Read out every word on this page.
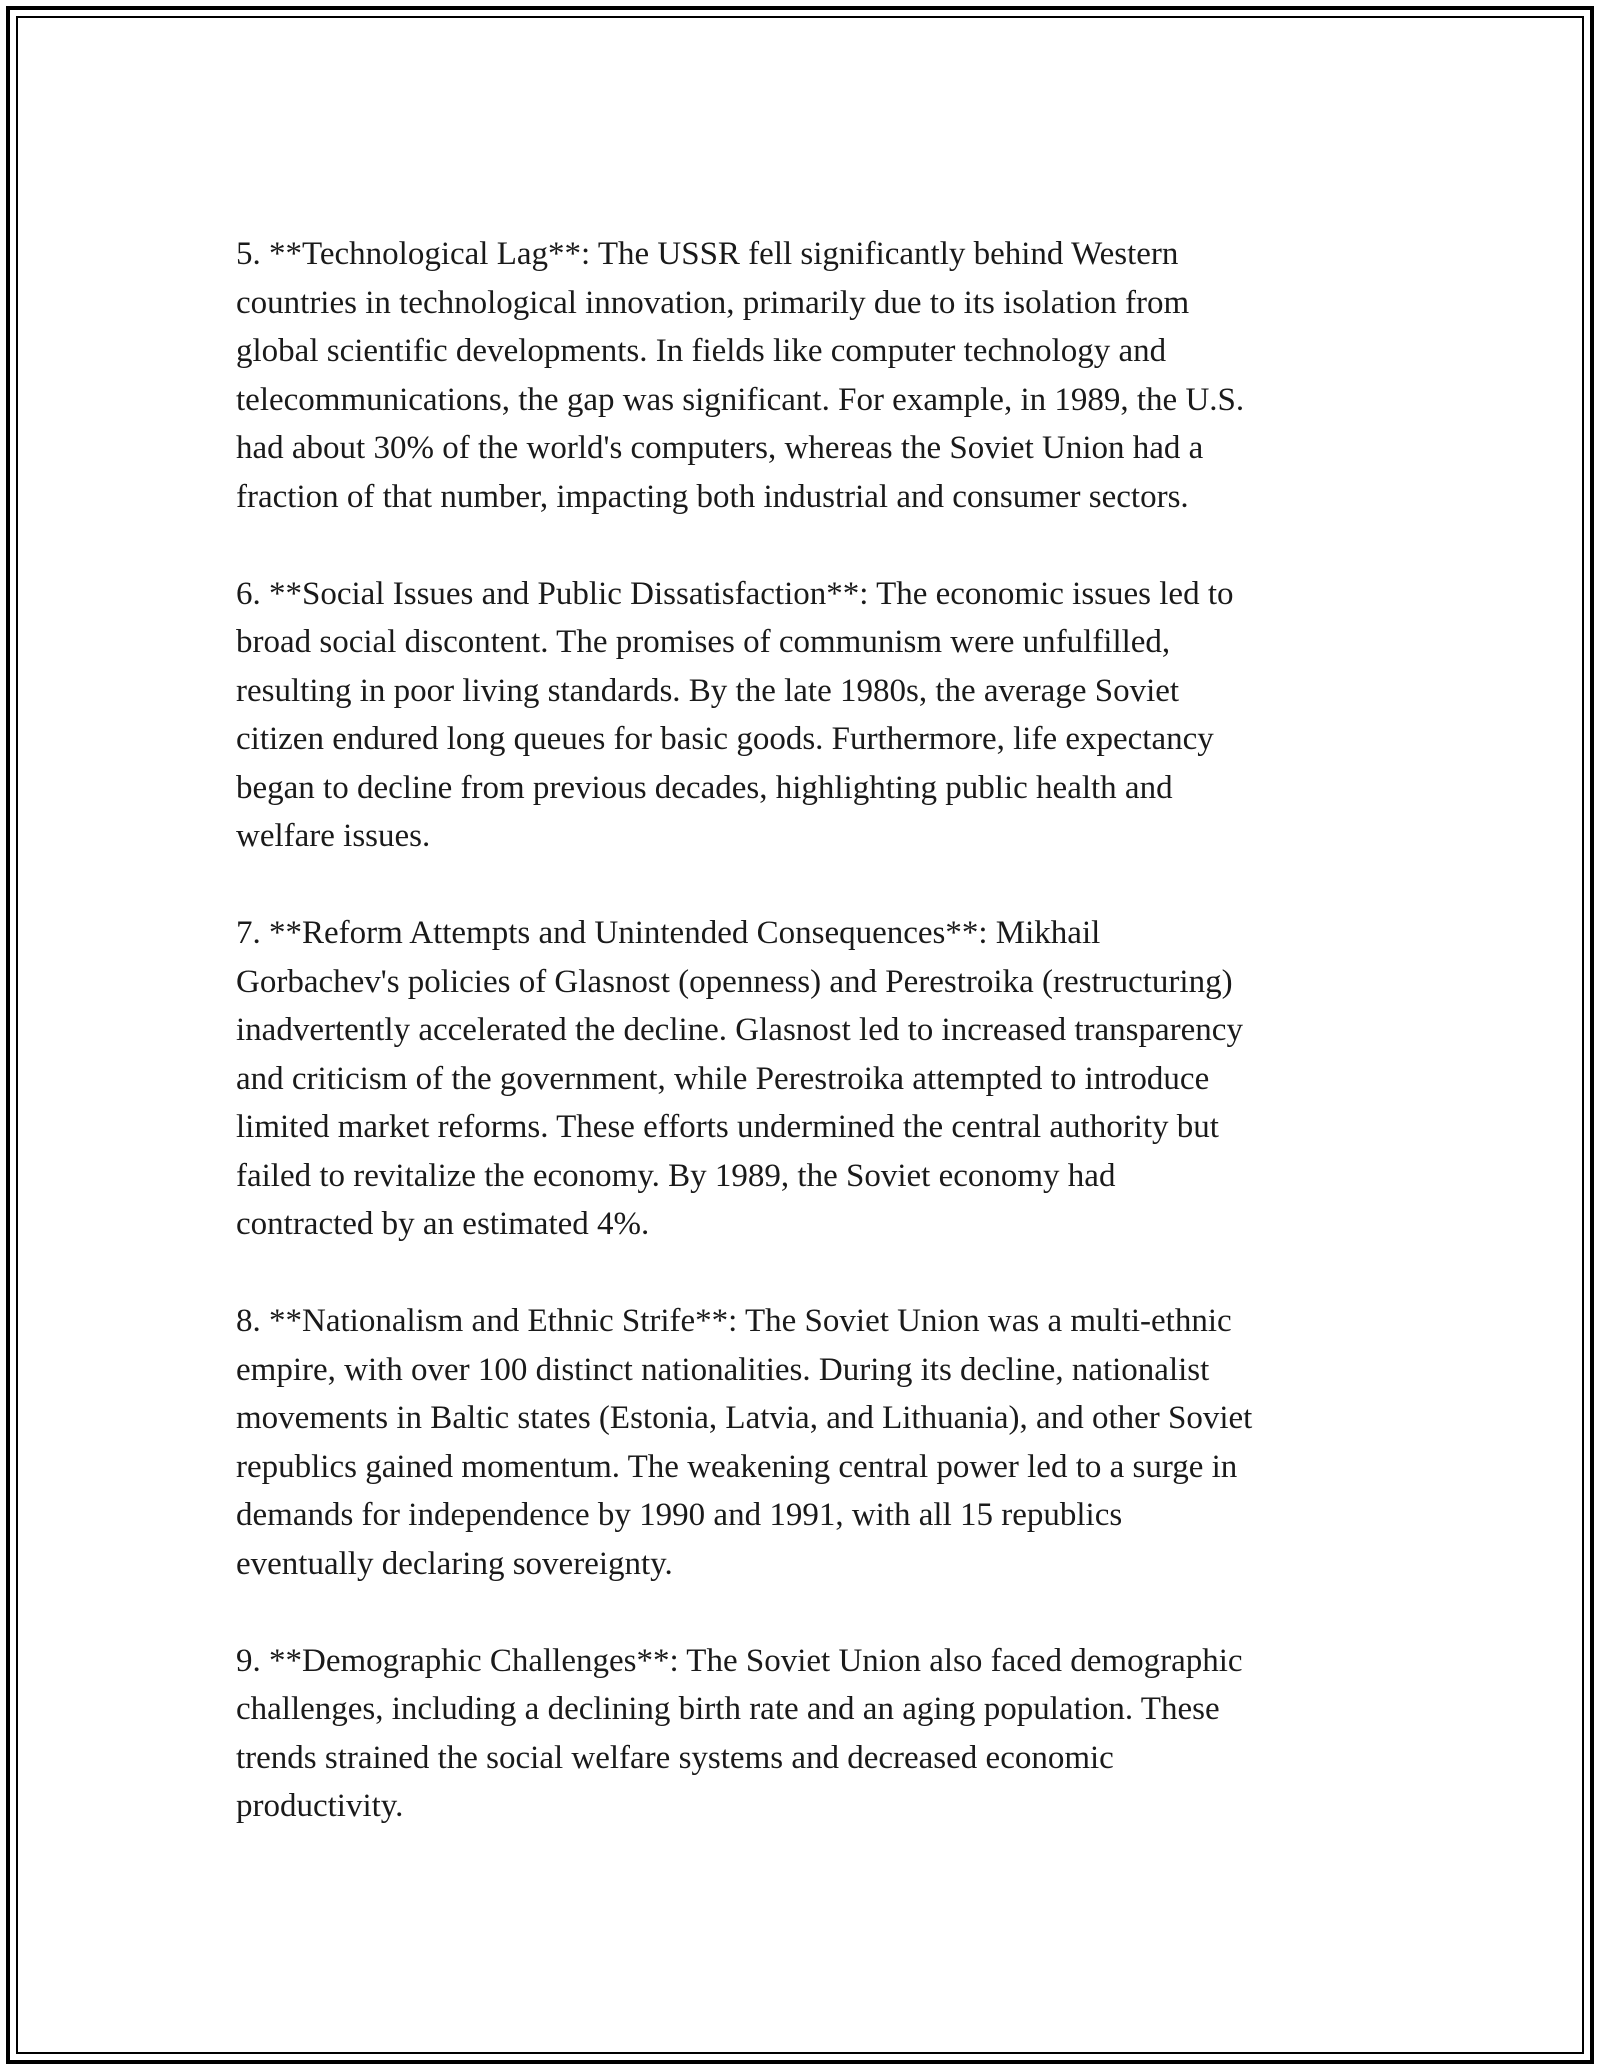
5. **Technological Lag**: The USSR fell significantly behind Western
countries in technological innovation, primarily due to its isolation from
global scientific developments. In fields like computer technology and
telecommunications, the gap was significant. For example, in 1989, the U.S.
had about 30% of the world's computers, whereas the Soviet Union had a
fraction of that number, impacting both industrial and consumer sectors.

6. **Social Issues and Public Dissatisfaction**: The economic issues led to
broad social discontent. The promises of communism were unfulfilled,
resulting in poor living standards. By the late 1980s, the average Soviet
citizen endured long queues for basic goods. Furthermore, life expectancy
began to decline from previous decades, highlighting public health and
welfare issues.

7. **Reform Attempts and Unintended Consequences**: Mikhail
Gorbachev's policies of Glasnost (openness) and Perestroika (restructuring)
inadvertently accelerated the decline. Glasnost led to increased transparency
and criticism of the government, while Perestroika attempted to introduce
limited market reforms. These efforts undermined the central authority but
failed to revitalize the economy. By 1989, the Soviet economy had
contracted by an estimated 4%.

8. **Nationalism and Ethnic Strife**: The Soviet Union was a multi-ethnic
empire, with over 100 distinct nationalities. During its decline, nationalist
movements in Baltic states (Estonia, Latvia, and Lithuania), and other Soviet
republics gained momentum. The weakening central power led to a surge in
demands for independence by 1990 and 1991, with all 15 republics
eventually declaring sovereignty.

9. **Demographic Challenges**: The Soviet Union also faced demographic
challenges, including a declining birth rate and an aging population. These
trends strained the social welfare systems and decreased economic
productivity.
